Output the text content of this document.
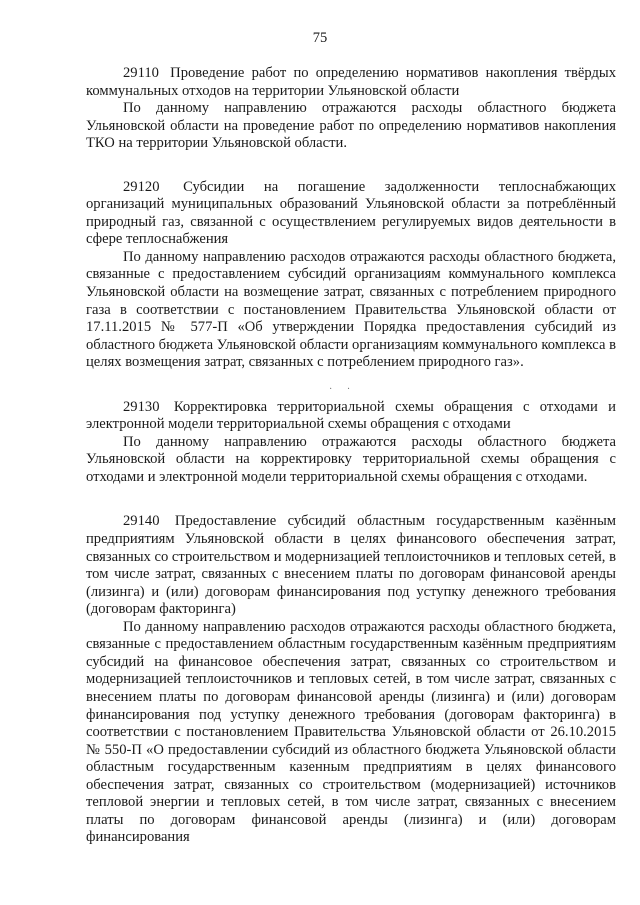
75
· ·

29110 Проведение работ по определению нормативов накопления твёрдых коммунальных отходов на территории Ульяновской области

По данному направлению отражаются расходы областного бюджета Ульяновской области на проведение работ по определению нормативов накопления ТКО на территории Ульяновской области.

29120 Субсидии на погашение задолженности теплоснабжающих организаций муниципальных образований Ульяновской области за потреблённый природный газ, связанной с осуществлением регулируемых видов деятельности в сфере теплоснабжения

По данному направлению расходов отражаются расходы областного бюджета, связанные с предоставлением субсидий организациям коммунального комплекса Ульяновской области на возмещение затрат, связанных с потреблением природного газа в соответствии с постановлением Правительства Ульяновской области от 17.11.2015 № 577-П «Об утверждении Порядка предоставления субсидий из областного бюджета Ульяновской области организациям коммунального комплекса в целях возмещения затрат, связанных с потреблением природного газ».

29130 Корректировка территориальной схемы обращения с отходами и электронной модели территориальной схемы обращения с отходами

По данному направлению отражаются расходы областного бюджета Ульяновской области на корректировку территориальной схемы обращения с отходами и электронной модели территориальной схемы обращения с отходами.

29140 Предоставление субсидий областным государственным казённым предприятиям Ульяновской области в целях финансового обеспечения затрат, связанных со строительством и модернизацией теплоисточников и тепловых сетей, в том числе затрат, связанных с внесением платы по договорам финансовой аренды (лизинга) и (или) договорам финансирования под уступку денежного требования (договорам факторинга)

По данному направлению расходов отражаются расходы областного бюджета, связанные с предоставлением областным государственным казённым предприятиям субсидий на финансовое обеспечения затрат, связанных со строительством и модернизацией теплоисточников и тепловых сетей, в том числе затрат, связанных с внесением платы по договорам финансовой аренды (лизинга) и (или) договорам финансирования под уступку денежного требования (договорам факторинга) в соответствии с постановлением Правительства Ульяновской области от 26.10.2015 № 550-П «О предоставлении субсидий из областного бюджета Ульяновской области областным государственным казенным предприятиям в целях финансового обеспечения затрат, связанных со строительством (модернизацией) источников тепловой энергии и тепловых сетей, в том числе затрат, связанных с внесением платы по договорам финансовой аренды (лизинга) и (или) договорам финансирования
